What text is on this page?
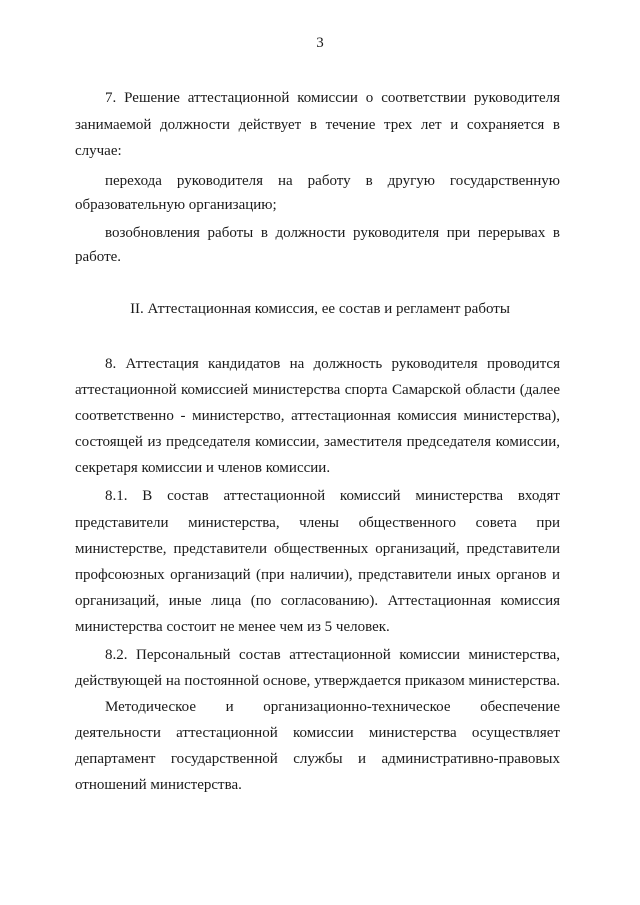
3
7. Решение аттестационной комиссии о соответствии руководителя
занимаемой должности действует в течение трех лет и сохраняется в
случае:
перехода руководителя на работу в другую государственную
образовательную организацию;
возобновления работы в должности руководителя при перерывах в
работе.
II. Аттестационная комиссия, ее состав и регламент работы
8. Аттестация кандидатов на должность руководителя проводится
аттестационной комиссией министерства спорта Самарской области (далее
соответственно - министерство, аттестационная комиссия министерства),
состоящей из председателя комиссии, заместителя председателя комиссии,
секретаря комиссии и членов комиссии.
8.1. В состав аттестационной комиссий министерства входят
представители министерства, члены общественного совета при
министерстве, представители общественных организаций, представители
профсоюзных организаций (при наличии), представители иных органов и
организаций, иные лица (по согласованию). Аттестационная комиссия
министерства состоит не менее чем из 5 человек.
8.2. Персональный состав аттестационной комиссии министерства,
действующей на постоянной основе, утверждается приказом министерства.
Методическое и организационно-техническое обеспечение
деятельности аттестационной комиссии министерства осуществляет
департамент государственной службы и административно-правовых
отношений министерства.
